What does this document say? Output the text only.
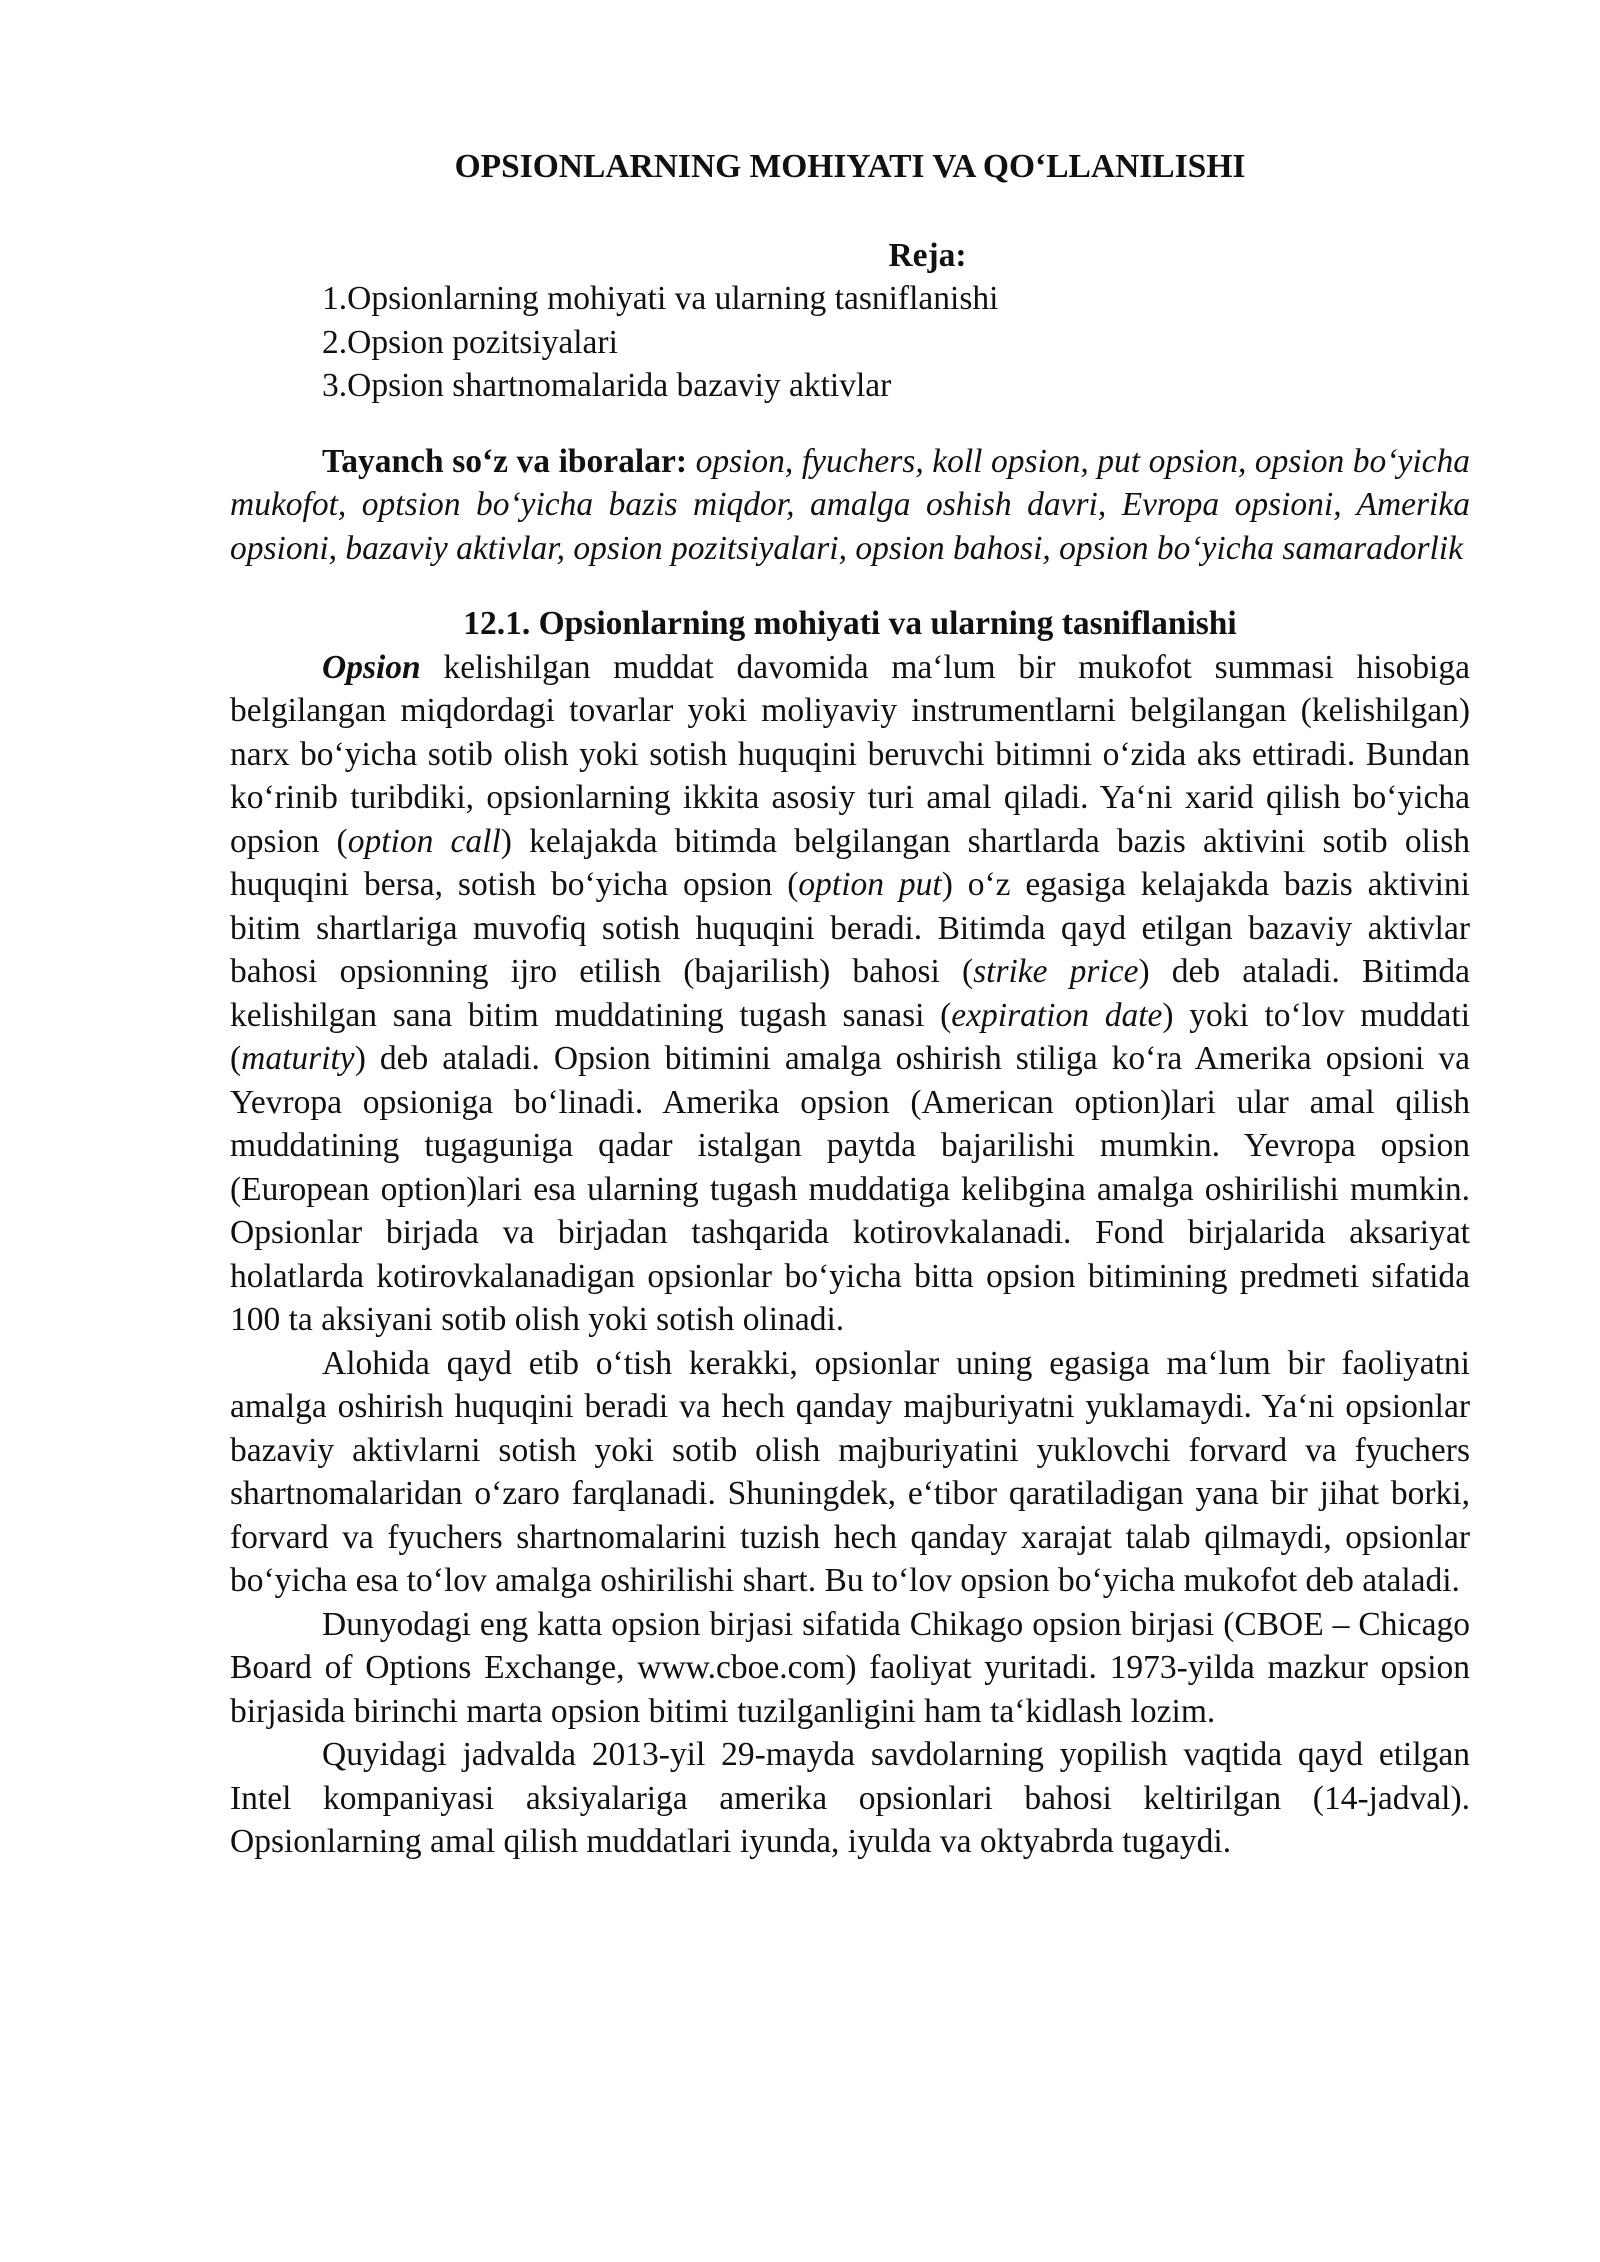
OPSIONLARNING MOHIYATI VA QO‘LLANILISHI
Reja:
1.Opsionlarning mohiyati va ularning tasniflanishi
2.Opsion pozitsiyalari
3.Opsion shartnomalarida bazaviy aktivlar

Tayanch so‘z va iboralar: opsion, fyuchers, koll opsion, put opsion, opsion bo‘yicha mukofot, optsion bo‘yicha bazis miqdor, amalga oshish davri, Evropa opsioni, Amerika opsioni, bazaviy aktivlar, opsion pozitsiyalari, opsion bahosi, opsion bo‘yicha samaradorlik

12.1. Opsionlarning mohiyati va ularning tasniflanishi

Opsion kelishilgan muddat davomida ma‘lum bir mukofot summasi hisobiga belgilangan miqdordagi tovarlar yoki moliyaviy instrumentlarni belgilangan (kelishilgan) narx bo‘yicha sotib olish yoki sotish huquqini beruvchi bitimni o‘zida aks ettiradi. Bundan ko‘rinib turibdiki, opsionlarning ikkita asosiy turi amal qiladi. Ya‘ni xarid qilish bo‘yicha opsion (option call) kelajakda bitimda belgilangan shartlarda bazis aktivini sotib olish huquqini bersa, sotish bo‘yicha opsion (option put) o‘z egasiga kelajakda bazis aktivini bitim shartlariga muvofiq sotish huquqini beradi. Bitimda qayd etilgan bazaviy aktivlar bahosi opsionning ijro etilish (bajarilish) bahosi (strike price) deb ataladi. Bitimda kelishilgan sana bitim muddatining tugash sanasi (expiration date) yoki to‘lov muddati (maturity) deb ataladi. Opsion bitimini amalga oshirish stiliga ko‘ra Amerika opsioni va Yevropa opsioniga bo‘linadi. Amerika opsion (American option)lari ular amal qilish muddatining tugaguniga qadar istalgan paytda bajarilishi mumkin. Yevropa opsion (European option)lari esa ularning tugash muddatiga kelibgina amalga oshirilishi mumkin. Opsionlar birjada va birjadan tashqarida kotirovkalanadi. Fond birjalarida aksariyat holatlarda kotirovkalanadigan opsionlar bo‘yicha bitta opsion bitimining predmeti sifatida 100 ta aksiyani sotib olish yoki sotish olinadi.

Alohida qayd etib o‘tish kerakki, opsionlar uning egasiga ma‘lum bir faoliyatni amalga oshirish huquqini beradi va hech qanday majburiyatni yuklamaydi. Ya‘ni opsionlar bazaviy aktivlarni sotish yoki sotib olish majburiyatini yuklovchi forvard va fyuchers shartnomalaridan o‘zaro farqlanadi. Shuningdek, e‘tibor qaratiladigan yana bir jihat borki, forvard va fyuchers shartnomalarini tuzish hech qanday xarajat talab qilmaydi, opsionlar bo‘yicha esa to‘lov amalga oshirilishi shart. Bu to‘lov opsion bo‘yicha mukofot deb ataladi.

Dunyodagi eng katta opsion birjasi sifatida Chikago opsion birjasi (CBOE – Chicago Board of Options Exchange, www.cboe.com) faoliyat yuritadi. 1973-yilda mazkur opsion birjasida birinchi marta opsion bitimi tuzilganligini ham ta‘kidlash lozim.

Quyidagi jadvalda 2013-yil 29-mayda savdolarning yopilish vaqtida qayd etilgan Intel kompaniyasi aksiyalariga amerika opsionlari bahosi keltirilgan (14-jadval). Opsionlarning amal qilish muddatlari iyunda, iyulda va oktyabrda tugaydi.
